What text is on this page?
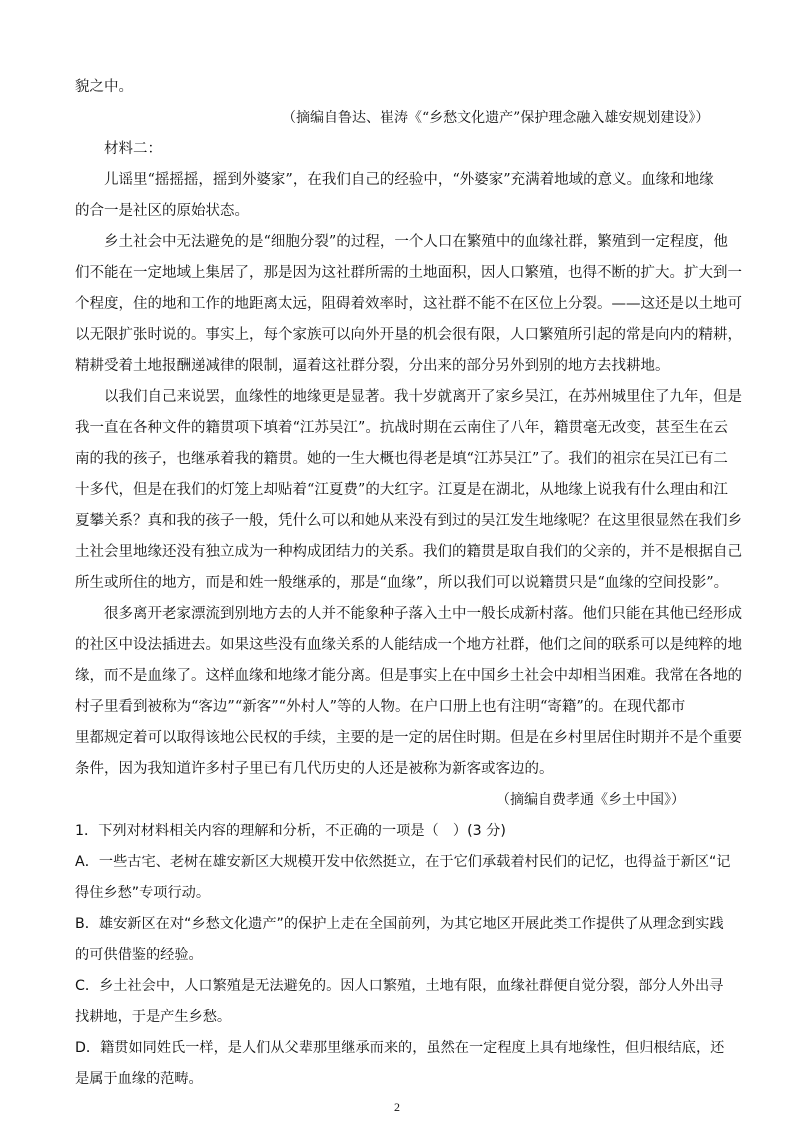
貌之中。
（摘编自鲁达、崔涛《“乡愁文化遗产”保护理念融入雄安规划建设》）
材料二：
儿谣里“摇摇摇，摇到外婆家”，在我们自己的经验中，“外婆家”充满着地域的意义。血缘和地缘
的合一是社区的原始状态。
乡土社会中无法避免的是“细胞分裂”的过程，一个人口在繁殖中的血缘社群，繁殖到一定程度，他
们不能在一定地域上集居了，那是因为这社群所需的土地面积，因人口繁殖，也得不断的扩大。扩大到一
个程度，住的地和工作的地距离太远，阻碍着效率时，这社群不能不在区位上分裂。——这还是以土地可
以无限扩张时说的。事实上，每个家族可以向外开垦的机会很有限，人口繁殖所引起的常是向内的精耕，
精耕受着土地报酬递减律的限制，逼着这社群分裂，分出来的部分另外到别的地方去找耕地。
以我们自己来说罢，血缘性的地缘更是显著。我十岁就离开了家乡吴江，在苏州城里住了九年，但是
我一直在各种文件的籍贯项下填着“江苏吴江”。抗战时期在云南住了八年，籍贯毫无改变，甚至生在云
南的我的孩子，也继承着我的籍贯。她的一生大概也得老是填“江苏吴江”了。我们的祖宗在吴江已有二
十多代，但是在我们的灯笼上却贴着“江夏费”的大红字。江夏是在湖北，从地缘上说我有什么理由和江
夏攀关系？真和我的孩子一般，凭什么可以和她从来没有到过的吴江发生地缘呢？在这里很显然在我们乡
土社会里地缘还没有独立成为一种构成团结力的关系。我们的籍贯是取自我们的父亲的，并不是根据自己
所生或所住的地方，而是和姓一般继承的，那是“血缘”，所以我们可以说籍贯只是“血缘的空间投影”。
很多离开老家漂流到别地方去的人并不能象种子落入土中一般长成新村落。他们只能在其他已经形成
的社区中设法插进去。如果这些没有血缘关系的人能结成一个地方社群，他们之间的联系可以是纯粹的地
缘，而不是血缘了。这样血缘和地缘才能分离。但是事实上在中国乡土社会中却相当困难。我常在各地的
村子里看到被称为“客边”“新客”“外村人”等的人物。在户口册上也有注明“寄籍”的。在现代都市
里都规定着可以取得该地公民权的手续，主要的是一定的居住时期。但是在乡村里居住时期并不是个重要
条件，因为我知道许多村子里已有几代历史的人还是被称为新客或客边的。
（摘编自费孝通《乡土中国》）
1．下列对材料相关内容的理解和分析，不正确的一项是（　）(3 分)
A．一些古宅、老树在雄安新区大规模开发中依然挺立，在于它们承载着村民们的记忆，也得益于新区“记
得住乡愁”专项行动。
B．雄安新区在对“乡愁文化遗产”的保护上走在全国前列，为其它地区开展此类工作提供了从理念到实践
的可供借鉴的经验。
C．乡土社会中，人口繁殖是无法避免的。因人口繁殖，土地有限，血缘社群便自觉分裂，部分人外出寻
找耕地，于是产生乡愁。
D．籍贯如同姓氏一样，是人们从父辈那里继承而来的，虽然在一定程度上具有地缘性，但归根结底，还
是属于血缘的范畴。
2
